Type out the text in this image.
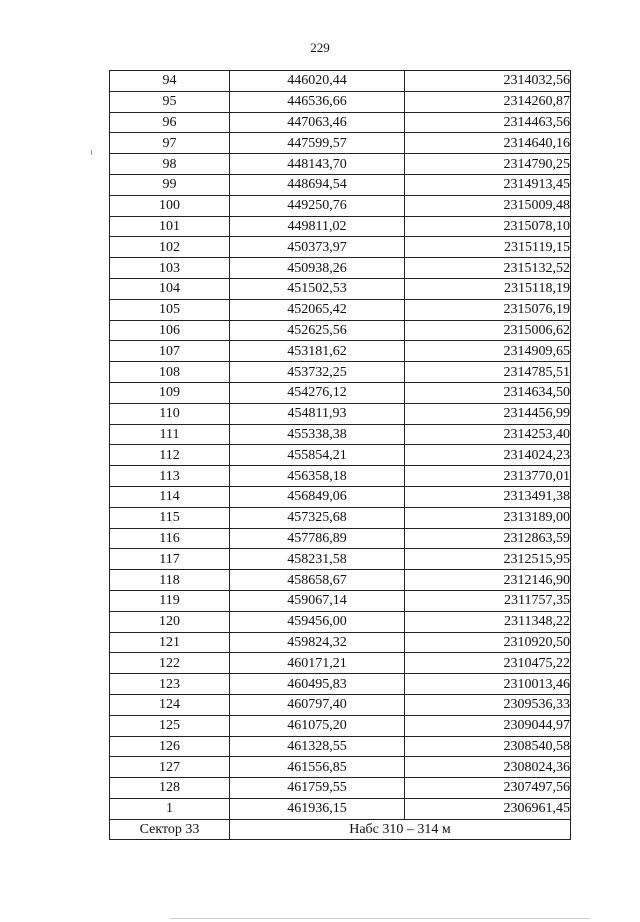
229
94	446020,44	2314032,56
95	446536,66	2314260,87
96	447063,46	2314463,56
97	447599,57	2314640,16
98	448143,70	2314790,25
99	448694,54	2314913,45
100	449250,76	2315009,48
101	449811,02	2315078,10
102	450373,97	2315119,15
103	450938,26	2315132,52
104	451502,53	2315118,19
105	452065,42	2315076,19
106	452625,56	2315006,62
107	453181,62	2314909,65
108	453732,25	2314785,51
109	454276,12	2314634,50
110	454811,93	2314456,99
111	455338,38	2314253,40
112	455854,21	2314024,23
113	456358,18	2313770,01
114	456849,06	2313491,38
115	457325,68	2313189,00
116	457786,89	2312863,59
117	458231,58	2312515,95
118	458658,67	2312146,90
119	459067,14	2311757,35
120	459456,00	2311348,22
121	459824,32	2310920,50
122	460171,21	2310475,22
123	460495,83	2310013,46
124	460797,40	2309536,33
125	461075,20	2309044,97
126	461328,55	2308540,58
127	461556,85	2308024,36
128	461759,55	2307497,56
1	461936,15	2306961,45
Сектор 33	Набс 310 – 314 м	
